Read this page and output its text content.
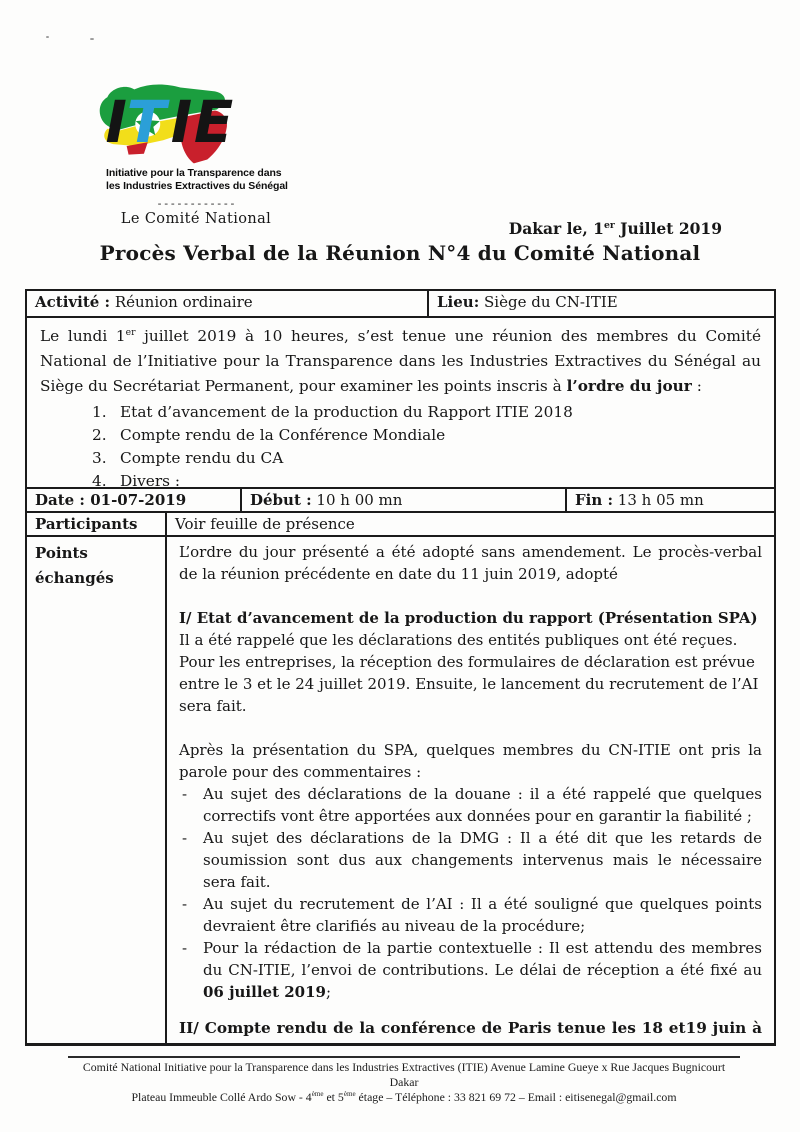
I T I E
Initiative pour la Transparence dans
les Industries Extractives du Sénégal
------------
Le Comité National	Dakar le, 1er Juillet 2019
Procès Verbal de la Réunion N°4 du Comité National
Activité : Réunion ordinaire	Lieu: Siège du CN-ITIE
Le lundi 1er juillet 2019 à 10 heures, s’est tenue une réunion des membres du Comité National de l’Initiative pour la Transparence dans les Industries Extractives du Sénégal au Siège du Secrétariat Permanent, pour examiner les points inscris à l’ordre du jour :
1. Etat d’avancement de la production du Rapport ITIE 2018
2. Compte rendu de la Conférence Mondiale
3. Compte rendu du CA
4. Divers :
Date : 01-07-2019	Début : 10 h 00 mn	Fin : 13 h 05 mn
Participants	Voir feuille de présence
Points
échangés
L’ordre du jour présenté a été adopté sans amendement. Le procès-verbal de la réunion précédente en date du 11 juin 2019, adopté
I/ Etat d’avancement de la production du rapport (Présentation SPA)
Il a été rappelé que les déclarations des entités publiques ont été reçues. Pour les entreprises, la réception des formulaires de déclaration est prévue entre le 3 et le 24 juillet 2019. Ensuite, le lancement du recrutement de l’AI sera fait.
Après la présentation du SPA, quelques membres du CN-ITIE ont pris la parole pour des commentaires :
-	Au sujet des déclarations de la douane : il a été rappelé que quelques correctifs vont être apportées aux données pour en garantir la fiabilité ;
-	Au sujet des déclarations de la DMG : Il a été dit que les retards de soumission sont dus aux changements intervenus mais le nécessaire sera fait.
-	Au sujet du recrutement de l’AI : Il a été souligné que quelques points devraient être clarifiés au niveau de la procédure;
-	Pour la rédaction de la partie contextuelle : Il est attendu des membres du CN-ITIE, l’envoi de contributions. Le délai de réception a été fixé au 06 juillet 2019;
II/ Compte rendu de la conférence de Paris tenue les 18 et19 juin à
Comité National Initiative pour la Transparence dans les Industries Extractives (ITIE) Avenue Lamine Gueye x Rue Jacques Bugnicourt Dakar
Plateau Immeuble Collé Ardo Sow - 4ème et 5ème étage – Téléphone : 33 821 69 72 – Email : eitisenegal@gmail.com
